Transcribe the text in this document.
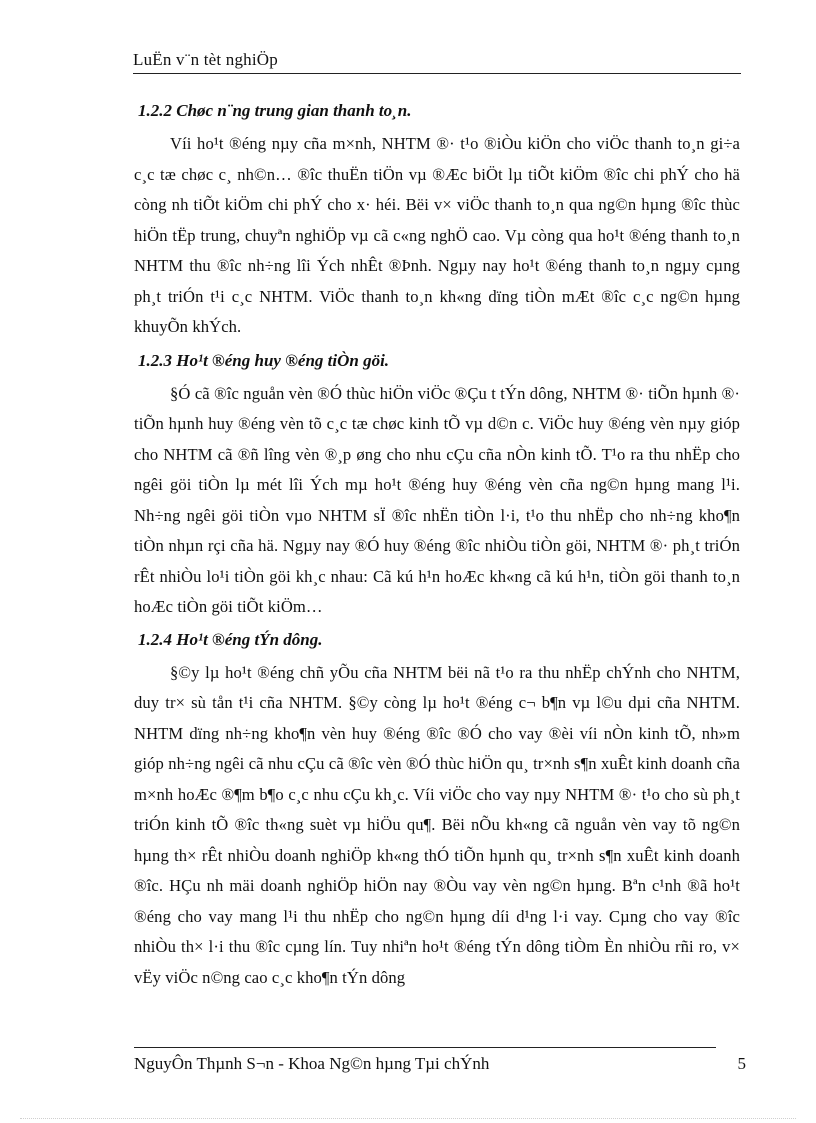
LuËn v¨n tèt nghiÖp
1.2.2 Chøc n¨ng trung gian thanh to¸n.

Víi ho¹t ®éng nµy cña m×nh, NHTM ®· t¹o ®iÒu kiÖn cho viÖc thanh to¸n gi÷a c¸c tæ chøc c¸ nh©n… ®îc thuËn tiÖn vµ ®Æc biÖt lµ tiÕt kiÖm ®îc chi phÝ cho hä còng nh tiÕt kiÖm chi phÝ cho x· héi. Bëi v× viÖc thanh to¸n qua ng©n hµng ®îc thùc hiÖn tËp trung, chuyªn nghiÖp vµ cã c«ng nghÖ cao. Vµ còng qua ho¹t ®éng thanh to¸n NHTM thu ®îc nh÷ng lîi Ých nhÊt ®Þnh. Ngµy nay ho¹t ®éng thanh to¸n ngµy cµng ph¸t triÓn t¹i c¸c NHTM. ViÖc thanh to¸n kh«ng dïng tiÒn mÆt ®îc c¸c ng©n hµng khuyÕn khÝch.

1.2.3 Ho¹t ®éng huy ®éng tiÒn göi.

§Ó cã ®îc nguån vèn ®Ó thùc hiÖn viÖc ®Çu t tÝn dông, NHTM ®· tiÕn hµnh ®· tiÕn hµnh huy ®éng vèn tõ c¸c tæ chøc kinh tÕ vµ d©n c. ViÖc huy ®éng vèn nµy gióp cho NHTM cã ®ñ lîng vèn ®¸p øng cho nhu cÇu cña nÒn kinh tÕ. T¹o ra thu nhËp cho ngêi göi tiÒn lµ mét lîi Ých mµ ho¹t ®éng huy ®éng vèn cña ng©n hµng mang l¹i. Nh÷ng ngêi göi tiÒn vµo NHTM sÏ ®îc nhËn tiÒn l·i, t¹o thu nhËp cho nh÷ng kho¶n tiÒn nhµn rçi cña hä. Ngµy nay ®Ó huy ®éng ®îc nhiÒu tiÒn göi, NHTM ®· ph¸t triÓn rÊt nhiÒu lo¹i tiÒn göi kh¸c nhau: Cã kú h¹n hoÆc kh«ng cã kú h¹n, tiÒn göi thanh to¸n hoÆc tiÒn göi tiÕt kiÖm…

1.2.4 Ho¹t ®éng tÝn dông.

§©y lµ ho¹t ®éng chñ yÕu cña NHTM bëi nã t¹o ra thu nhËp chÝnh cho NHTM, duy tr× sù tån t¹i cña NHTM. §©y còng lµ ho¹t ®éng c¬ b¶n vµ l©u dµi cña NHTM. NHTM dïng nh÷ng kho¶n vèn huy ®éng ®îc ®Ó cho vay ®èi víi nÒn kinh tÕ, nh»m gióp nh÷ng ngêi cã nhu cÇu cã ®îc vèn ®Ó thùc hiÖn qu¸ tr×nh s¶n xuÊt kinh doanh cña m×nh hoÆc ®¶m b¶o c¸c nhu cÇu kh¸c. Víi viÖc cho vay nµy NHTM ®· t¹o cho sù ph¸t triÓn kinh tÕ ®îc th«ng suèt vµ hiÖu qu¶. Bëi nÕu kh«ng cã nguån vèn vay tõ ng©n hµng th× rÊt nhiÒu doanh nghiÖp kh«ng thÓ tiÕn hµnh qu¸ tr×nh s¶n xuÊt kinh doanh ®îc. HÇu nh mäi doanh nghiÖp hiÖn nay ®Òu vay vèn ng©n hµng. Bªn c¹nh ®ã ho¹t ®éng cho vay mang l¹i thu nhËp cho ng©n hµng díi d¹ng l·i vay. Cµng cho vay ®îc nhiÒu th× l·i thu ®îc cµng lín. Tuy nhiªn ho¹t ®éng tÝn dông tiÒm Èn nhiÒu rñi ro, v× vËy viÖc n©ng cao c¸c kho¶n tÝn dông

NguyÔn Thµnh S¬n - Khoa Ng©n hµng Tµi chÝnh	5
